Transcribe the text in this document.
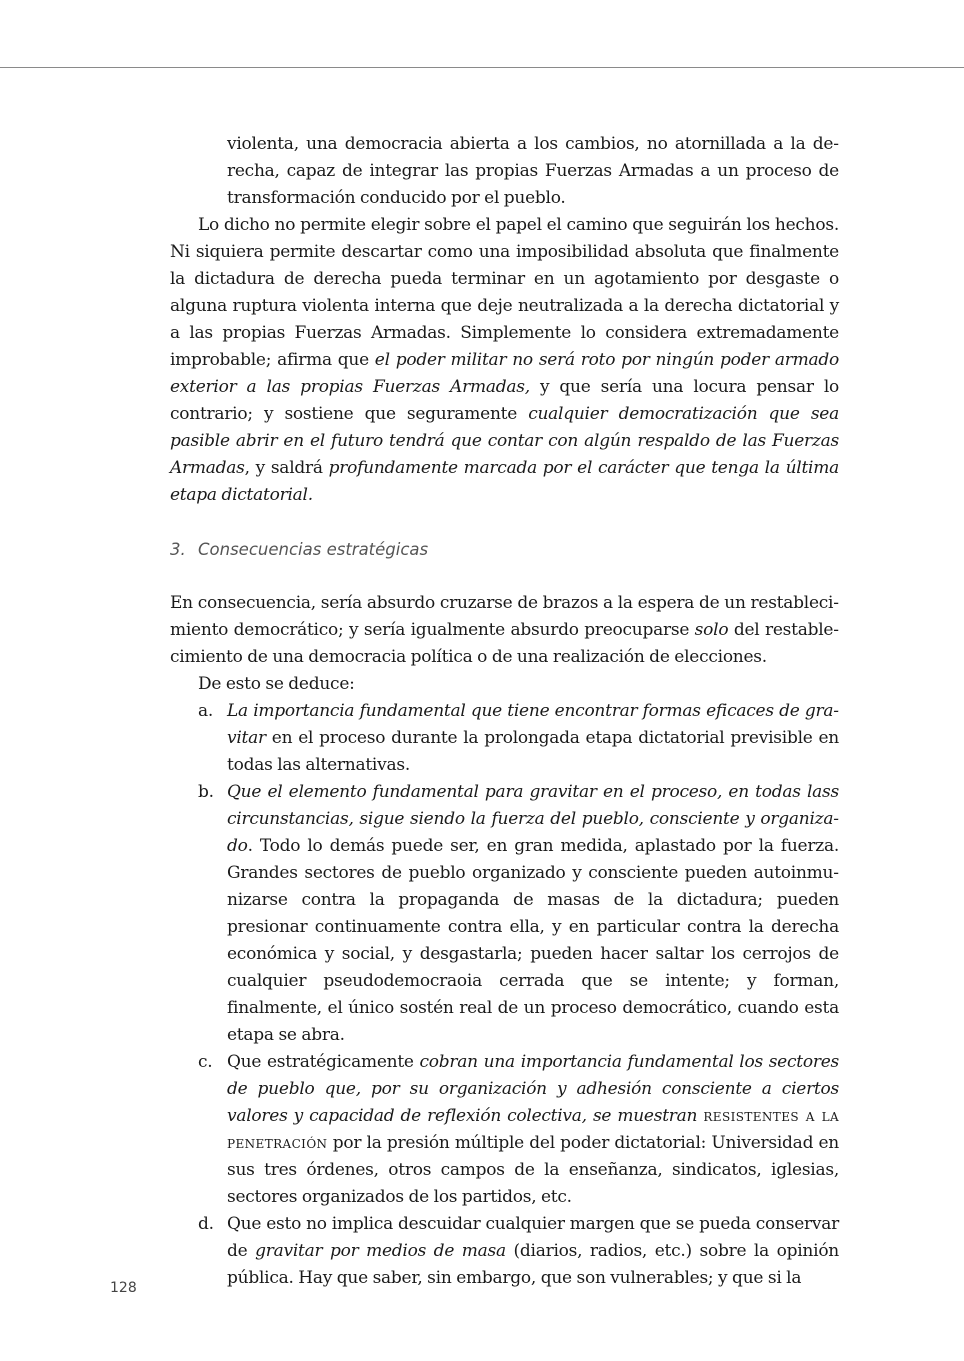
violenta, una democracia abierta a los cambios, no atornillada a la derecha, capaz de integrar las propias Fuerzas Armadas a un proceso de transformación conducido por el pueblo.

Lo dicho no permite elegir sobre el papel el camino que seguirán los hechos. Ni siquiera permite descartar como una imposibilidad absoluta que finalmente la dictadura de derecha pueda terminar en un agotamiento por desgaste o alguna ruptura violenta interna que deje neutralizada a la derecha dictatorial y a las propias Fuerzas Armadas. Simplemente lo considera extremadamente improbable; afirma que el poder militar no será roto por ningún poder armado exterior a las propias Fuerzas Armadas, y que sería una locura pensar lo contrario; y sostiene que seguramente cualquier democratización que sea pasible abrir en el futuro tendrá que contar con algún respaldo de las Fuerzas Armadas, y saldrá profundamente marcada por el carácter que tenga la última etapa dictatorial.

3. Consecuencias estratégicas

En consecuencia, sería absurdo cruzarse de brazos a la espera de un restablecimiento democrático; y sería igualmente absurdo preocuparse solo del restablecimiento de una democracia política o de una realización de elecciones.

De esto se deduce:

a. La importancia fundamental que tiene encontrar formas eficaces de gravitar en el proceso durante la prolongada etapa dictatorial previsible en todas las alternativas.
b. Que el elemento fundamental para gravitar en el proceso, en todas lass circunstancias, sigue siendo la fuerza del pueblo, consciente y organizado. Todo lo demás puede ser, en gran medida, aplastado por la fuerza. Grandes sectores de pueblo organizado y consciente pueden autoinmunizarse contra la propaganda de masas de la dictadura; pueden presionar continuamente contra ella, y en particular contra la derecha económica y social, y desgastarla; pueden hacer saltar los cerrojos de cualquier pseudodemocraoia cerrada que se intente; y forman, finalmente, el único sostén real de un proceso democrático, cuando esta etapa se abra.
c. Que estratégicamente cobran una importancia fundamental los sectores de pueblo que, por su organización y adhesión consciente a ciertos valores y capacidad de reflexión colectiva, se muestran resistentes a la penetración por la presión múltiple del poder dictatorial: Universidad en sus tres órdenes, otros campos de la enseñanza, sindicatos, iglesias, sectores organizados de los partidos, etc.
d. Que esto no implica descuidar cualquier margen que se pueda conservar de gravitar por medios de masa (diarios, radios, etc.) sobre la opinión pública. Hay que saber, sin embargo, que son vulnerables; y que si la
128
